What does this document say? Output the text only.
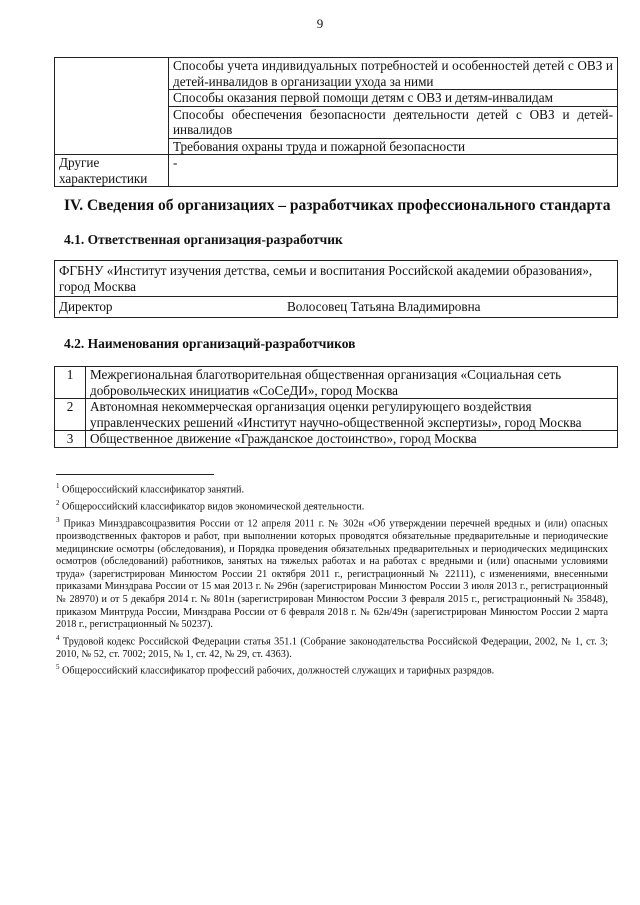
9
	Способы учета индивидуальных потребностей и особенностей детей с ОВЗ и детей-инвалидов в организации ухода за ними
	Способы оказания первой помощи детям с ОВЗ и детям-инвалидам
	Способы обеспечения безопасности деятельности детей с ОВЗ и детей-инвалидов
	Требования охраны труда и пожарной безопасности
Другие характеристики	-
IV. Сведения об организациях – разработчиках профессионального стандарта
4.1. Ответственная организация-разработчик
ФГБНУ «Институт изучения детства, семьи и воспитания Российской академии образования», город Москва

Директор	Волосовец Татьяна Владимировна
4.2. Наименования организаций-разработчиков
1	Межрегиональная благотворительная общественная организация «Социальная сеть добровольческих инициатив «СоСеДИ», город Москва
2	Автономная некоммерческая организация оценки регулирующего воздействия управленческих решений «Институт научно-общественной экспертизы», город Москва
3	Общественное движение «Гражданское достоинство», город Москва

$^1$ Общероссийский классификатор занятий.

$^2$ Общероссийский классификатор видов экономической деятельности.

$^3$ Приказ Минздравсоцразвития России от 12 апреля 2011 г. № 302н «Об утверждении перечней вредных и (или) опасных производственных факторов и работ, при выполнении которых проводятся обязательные предварительные и периодические медицинские осмотры (обследования), и Порядка проведения обязательных предварительных и периодических медицинских осмотров (обследований) работников, занятых на тяжелых работах и на работах с вредными и (или) опасными условиями труда» (зарегистрирован Минюстом России 21 октября 2011 г., регистрационный № 22111), с изменениями, внесенными приказами Минздрава России от 15 мая 2013 г. № 296н (зарегистрирован Минюстом России 3 июля 2013 г., регистрационный № 28970) и от 5 декабря 2014 г. № 801н (зарегистрирован Минюстом России 3 февраля 2015 г., регистрационный № 35848), приказом Минтруда России, Минздрава России от 6 февраля 2018 г. № 62н/49н (зарегистрирован Минюстом России 2 марта 2018 г., регистрационный № 50237).

$^4$ Трудовой кодекс Российской Федерации статья 351.1 (Собрание законодательства Российской Федерации, 2002, № 1, ст. 3; 2010, № 52, ст. 7002; 2015, № 1, ст. 42, № 29, ст. 4363).

$^5$ Общероссийский классификатор профессий рабочих, должностей служащих и тарифных разрядов.
